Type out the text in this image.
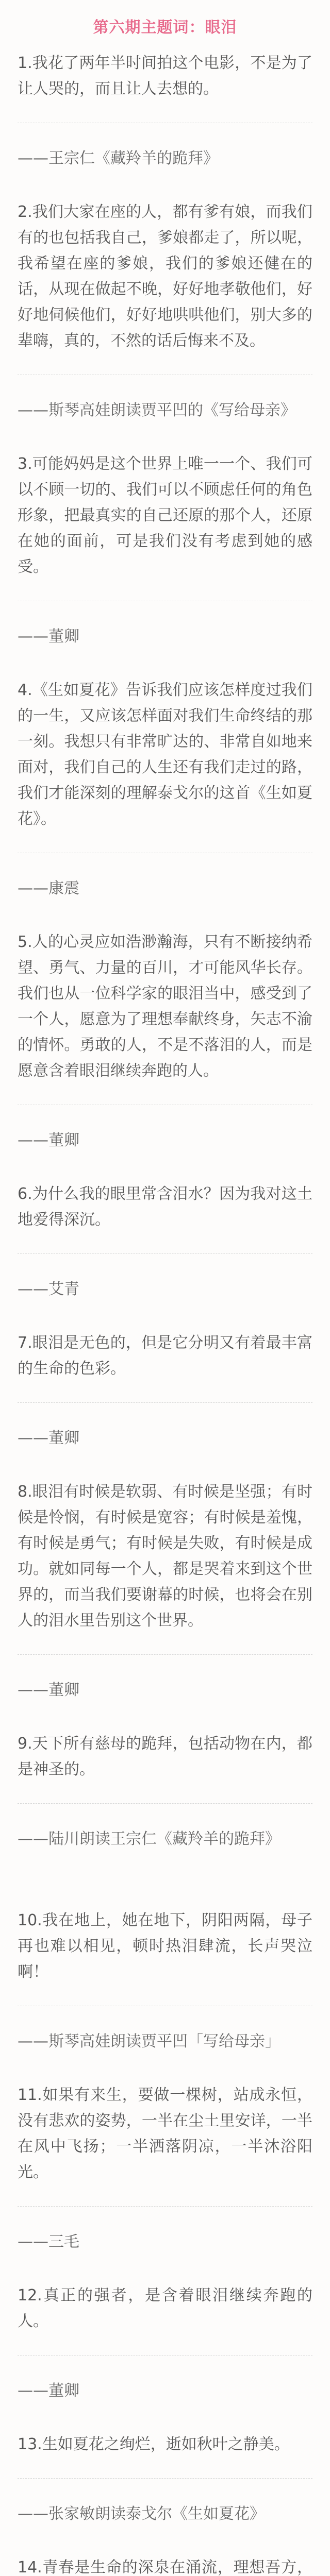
第六期主题词：眼泪
1.我花了两年半时间拍这个电影，不是为了让人哭的，而且让人去想的。
——王宗仁《藏羚羊的跪拜》
2.我们大家在座的人，都有爹有娘，而我们有的也包括我自己，爹娘都走了，所以呢，我希望在座的爹娘，我们的爹娘还健在的话，从现在做起不晚，好好地孝敬他们，好好地伺候他们，好好地哄哄他们，别大多的辈嗨，真的，不然的话后悔来不及。
——斯琴高娃朗读贾平凹的《写给母亲》
3.可能妈妈是这个世界上唯一一个、我们可以不顾一切的、我们可以不顾虑任何的角色形象，把最真实的自己还原的那个人，还原在她的面前，可是我们没有考虑到她的感受。
——董卿
4.《生如夏花》告诉我们应该怎样度过我们的一生，又应该怎样面对我们生命终结的那一刻。我想只有非常旷达的、非常自如地来面对，我们自己的人生还有我们走过的路，我们才能深刻的理解泰戈尔的这首《生如夏花》。
——康震
5.人的心灵应如浩渺瀚海，只有不断接纳希望、勇气、力量的百川，才可能风华长存。我们也从一位科学家的眼泪当中，感受到了一个人，愿意为了理想奉献终身，矢志不渝的情怀。勇敢的人，不是不落泪的人，而是愿意含着眼泪继续奔跑的人。
——董卿
6.为什么我的眼里常含泪水？因为我对这土地爱得深沉。
——艾青
7.眼泪是无色的，但是它分明又有着最丰富的生命的色彩。
——董卿
8.眼泪有时候是软弱、有时候是坚强；有时候是怜悯，有时候是宽容；有时候是羞愧，有时候是勇气；有时候是失败，有时候是成功。就如同每一个人，都是哭着来到这个世界的，而当我们要谢幕的时候，也将会在别人的泪水里告别这个世界。
——董卿
9.天下所有慈母的跪拜，包括动物在内，都是神圣的。
——陆川朗读王宗仁《藏羚羊的跪拜》
10.我在地上，她在地下，阴阳两隔，母子再也难以相见，顿时热泪肆流，长声哭泣啊！
——斯琴高娃朗读贾平凹「写给母亲」
11.如果有来生，要做一棵树，站成永恒，没有悲欢的姿势，一半在尘土里安详，一半在风中飞扬；一半洒落阴凉，一半沐浴阳光。
——三毛
12.真正的强者，是含着眼泪继续奔跑的人。
——董卿
13.生如夏花之绚烂，逝如秋叶之静美。
——张家敏朗读泰戈尔《生如夏花》
14.青春是生命的深泉在涌流，理想吾方，
